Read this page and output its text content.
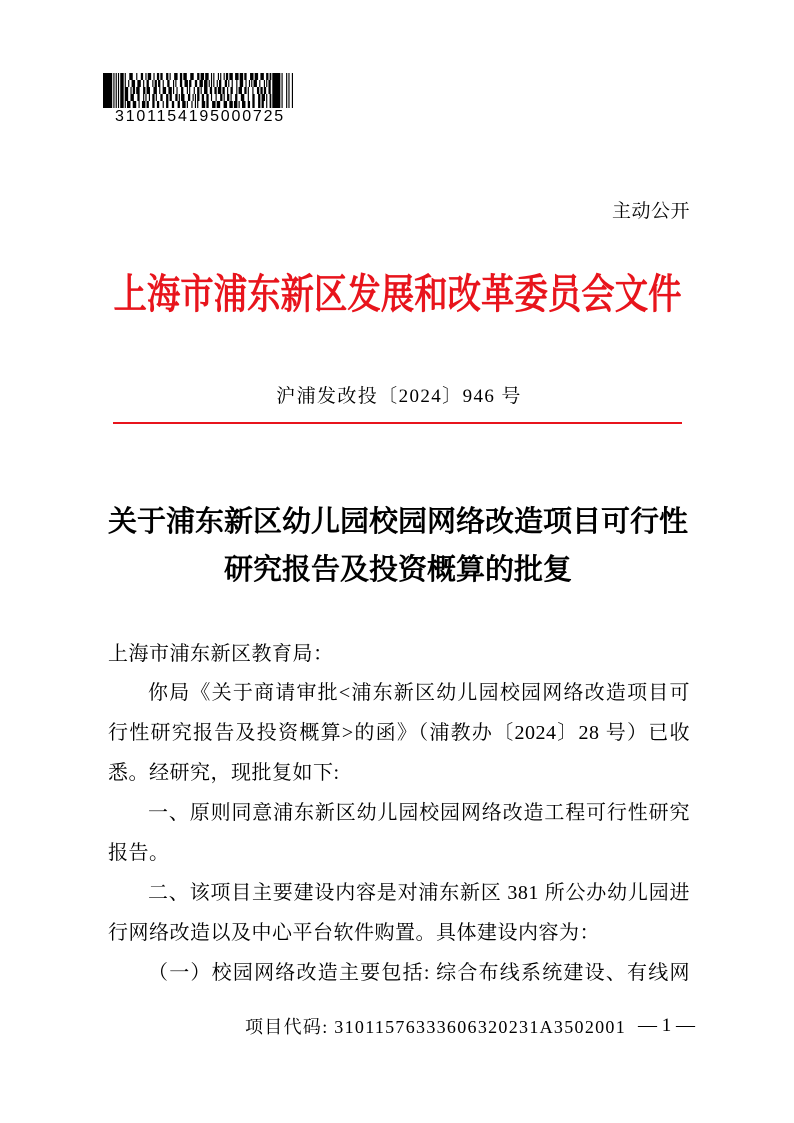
3101154195000725
主动公开
上海市浦东新区发展和改革委员会文件
沪浦发改投〔2024〕946 号
关于浦东新区幼儿园校园网络改造项目可行性
研究报告及投资概算的批复
上海市浦东新区教育局：
你局《关于商请审批<浦东新区幼儿园校园网络改造项目可
行性研究报告及投资概算>的函》（浦教办〔2024〕28 号）已收
悉。经研究，现批复如下:
一、原则同意浦东新区幼儿园校园网络改造工程可行性研究
报告。
二、该项目主要建设内容是对浦东新区 381 所公办幼儿园进
行网络改造以及中心平台软件购置。具体建设内容为：
（一）校园网络改造主要包括: 综合布线系统建设、有线网
项目代码: 31011576333606320231A3502001 — 1 —
